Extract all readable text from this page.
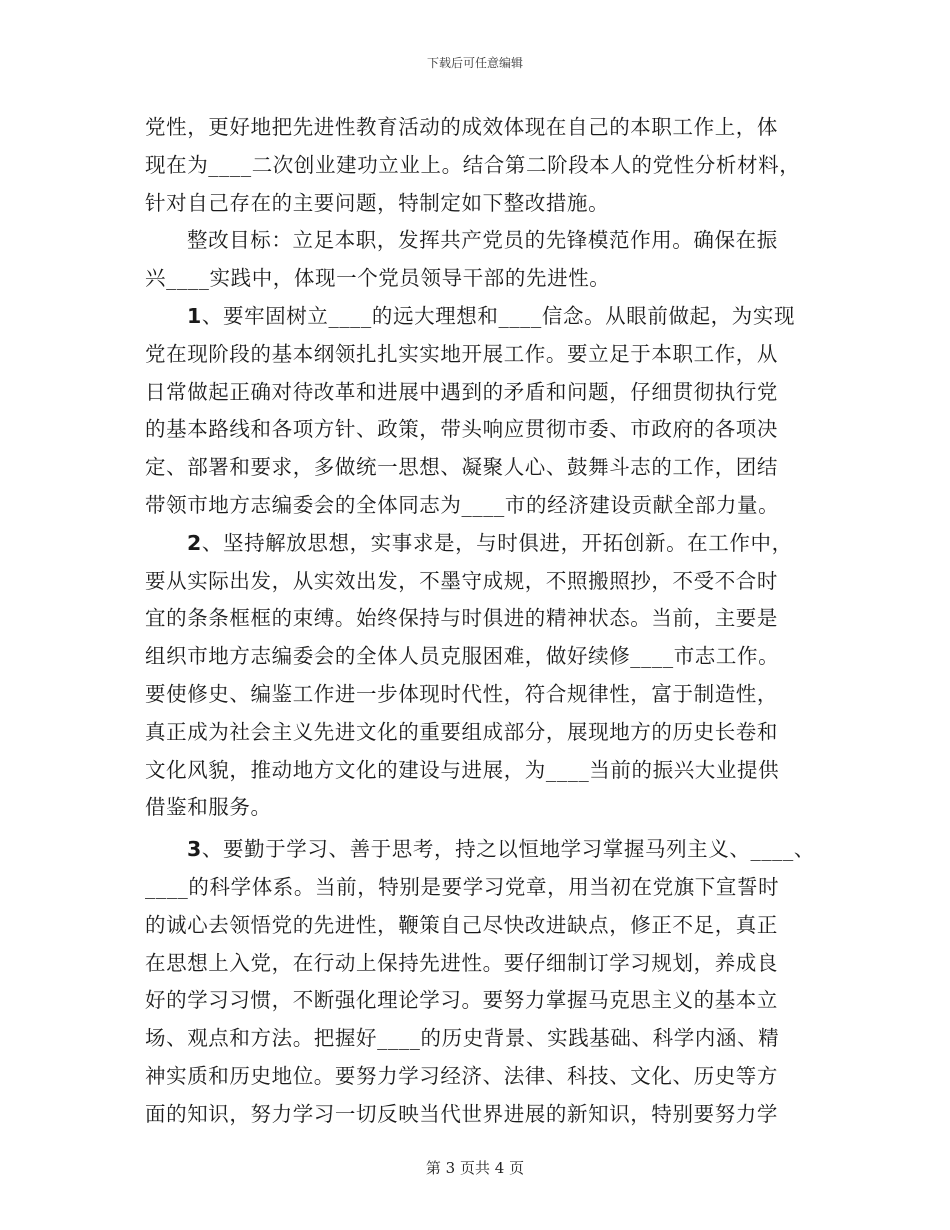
下载后可任意编辑

党性，更好地把先进性教育活动的成效体现在自己的本职工作上，体
现在为____二次创业建功立业上。结合第二阶段本人的党性分析材料，
针对自己存在的主要问题，特制定如下整改措施。

整改目标：立足本职，发挥共产党员的先锋模范作用。确保在振
兴____实践中，体现一个党员领导干部的先进性。

1、要牢固树立____的远大理想和____信念。从眼前做起，为实现
党在现阶段的基本纲领扎扎实实地开展工作。要立足于本职工作，从
日常做起正确对待改革和进展中遇到的矛盾和问题，仔细贯彻执行党
的基本路线和各项方针、政策，带头响应贯彻市委、市政府的各项决
定、部署和要求，多做统一思想、凝聚人心、鼓舞斗志的工作，团结
带领市地方志编委会的全体同志为____市的经济建设贡献全部力量。

2、坚持解放思想，实事求是，与时俱进，开拓创新。在工作中，
要从实际出发，从实效出发，不墨守成规，不照搬照抄，不受不合时
宜的条条框框的束缚。始终保持与时俱进的精神状态。当前，主要是
组织市地方志编委会的全体人员克服困难，做好续修____市志工作。
要使修史、编鉴工作进一步体现时代性，符合规律性，富于制造性，
真正成为社会主义先进文化的重要组成部分，展现地方的历史长卷和
文化风貌，推动地方文化的建设与进展，为____当前的振兴大业提供
借鉴和服务。

3、要勤于学习、善于思考，持之以恒地学习掌握马列主义、____、
____的科学体系。当前，特别是要学习党章，用当初在党旗下宣誓时
的诚心去领悟党的先进性，鞭策自己尽快改进缺点，修正不足，真正
在思想上入党，在行动上保持先进性。要仔细制订学习规划，养成良
好的学习习惯，不断强化理论学习。要努力掌握马克思主义的基本立
场、观点和方法。把握好____的历史背景、实践基础、科学内涵、精
神实质和历史地位。要努力学习经济、法律、科技、文化、历史等方
面的知识，努力学习一切反映当代世界进展的新知识，特别要努力学

第 3 页共 4 页
